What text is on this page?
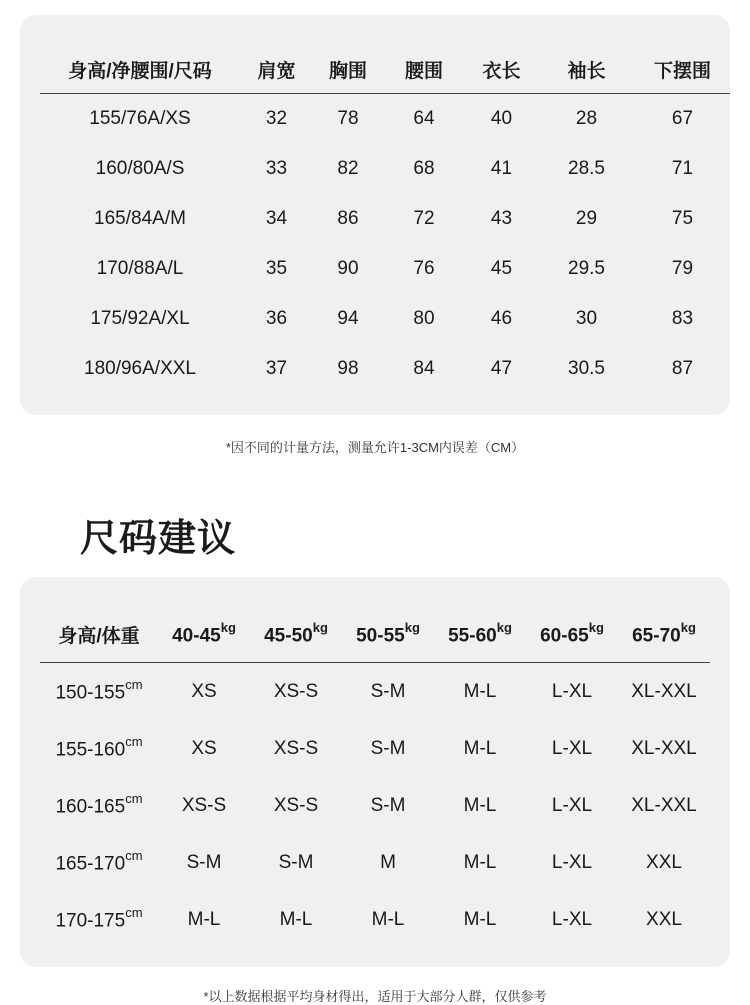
身高/净腰围/尺码	肩宽	胸围	腰围	衣长	袖长	下摆围
155/76A/XS	32	78	64	40	28	67
160/80A/S	33	82	68	41	28.5	71
165/84A/M	34	86	72	43	29	75
170/88A/L	35	90	76	45	29.5	79
175/92A/XL	36	94	80	46	30	83
180/96A/XXL	37	98	84	47	30.5	87
*因不同的计量方法，测量允许1-3CM内误差（CM）
尺码建议
身高/体重	$40-45^{kg}$	$45-50^{kg}$	$50-55^{kg}$	$55-60^{kg}$	$60-65^{kg}$	$65-70^{kg}$
$150-155^{cm}$	XS	XS-S	S-M	M-L	L-XL	XL-XXL
$155-160^{cm}$	XS	XS-S	S-M	M-L	L-XL	XL-XXL
$160-165^{cm}$	XS-S	XS-S	S-M	M-L	L-XL	XL-XXL
$165-170^{cm}$	S-M	S-M	M	M-L	L-XL	XXL
$170-175^{cm}$	M-L	M-L	M-L	M-L	L-XL	XXL
*以上数据根据平均身材得出，适用于大部分人群，仅供参考
